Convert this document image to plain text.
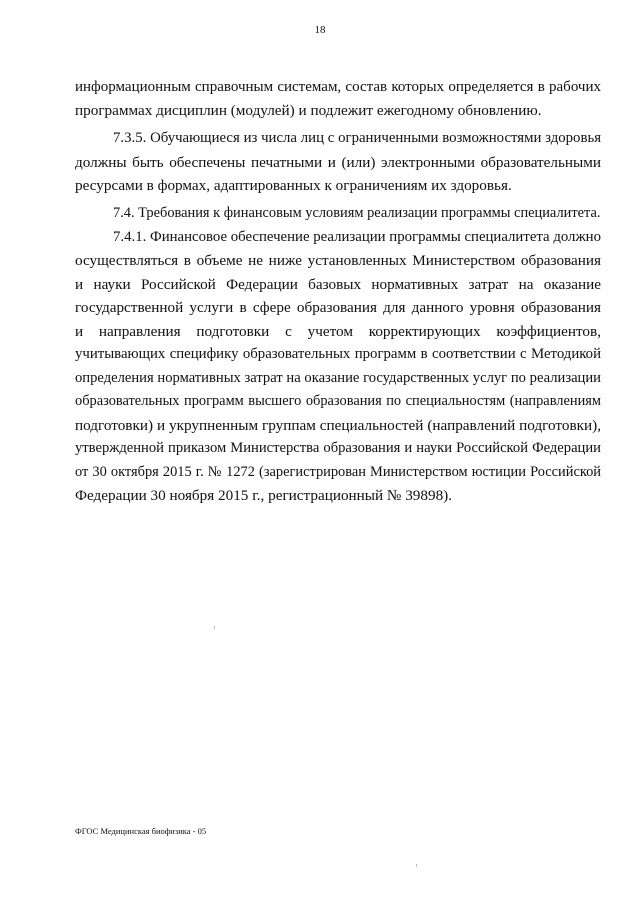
18
информационным справочным системам, состав которых определяется в рабочих
программах дисциплин (модулей) и подлежит ежегодному обновлению.
7.3.5. Обучающиеся из числа лиц с ограниченными возможностями здоровья
должны быть обеспечены печатными и (или) электронными образовательными
ресурсами в формах, адаптированных к ограничениям их здоровья.
7.4. Требования к финансовым условиям реализации программы специалитета.
7.4.1. Финансовое обеспечение реализации программы специалитета должно
осуществляться в объеме не ниже установленных Министерством образования
и науки Российской Федерации базовых нормативных затрат на оказание
государственной услуги в сфере образования для данного уровня образования
и направления подготовки с учетом корректирующих коэффициентов,
учитывающих специфику образовательных программ в соответствии с Методикой
определения нормативных затрат на оказание государственных услуг по реализации
образовательных программ высшего образования по специальностям (направлениям
подготовки) и укрупненным группам специальностей (направлений подготовки),
утвержденной приказом Министерства образования и науки Российской Федерации
от 30 октября 2015 г. № 1272 (зарегистрирован Министерством юстиции Российской
Федерации 30 ноября 2015 г., регистрационный № 39898).
ФГОС Медицинская биофизика - 05
